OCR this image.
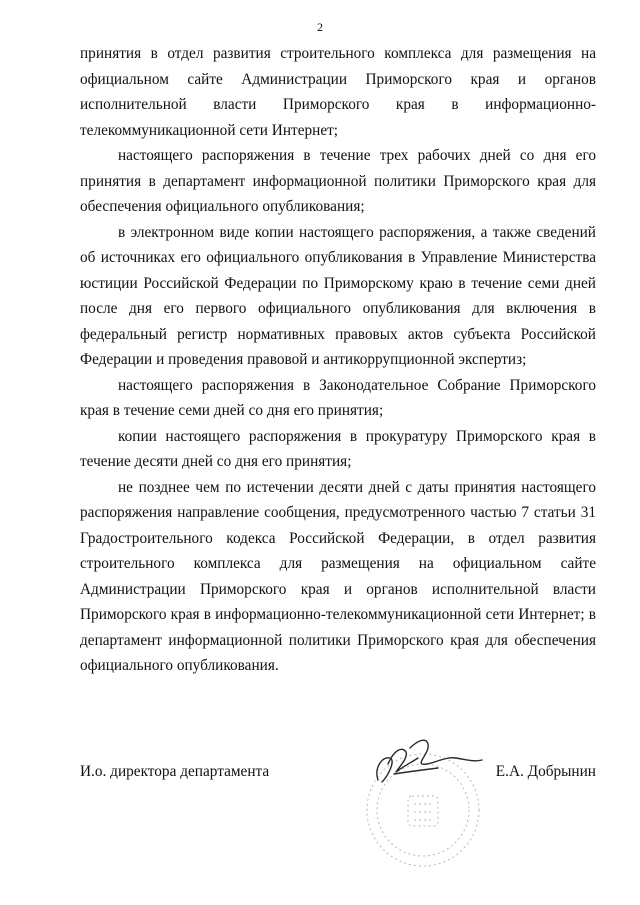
2

принятия в отдел развития строительного комплекса для размещения на официальном сайте Администрации Приморского края и органов исполнительной власти Приморского края в информационно-телекоммуникационной сети Интернет;

настоящего распоряжения в течение трех рабочих дней со дня его принятия в департамент информационной политики Приморского края для обеспечения официального опубликования;

в электронном виде копии настоящего распоряжения, а также сведений об источниках его официального опубликования в Управление Министерства юстиции Российской Федерации по Приморскому краю в течение семи дней после дня его первого официального опубликования для включения в федеральный регистр нормативных правовых актов субъекта Российской Федерации и проведения правовой и антикоррупционной экспертиз;

настоящего распоряжения в Законодательное Собрание Приморского края в течение семи дней со дня его принятия;

копии настоящего распоряжения в прокуратуру Приморского края в течение десяти дней со дня его принятия;

не позднее чем по истечении десяти дней с даты принятия настоящего распоряжения направление сообщения, предусмотренного частью 7 статьи 31 Градостроительного кодекса Российской Федерации, в отдел развития строительного комплекса для размещения на официальном сайте Администрации Приморского края и органов исполнительной власти Приморского края в информационно-телекоммуникационной сети Интернет; в департамент информационной политики Приморского края для обеспечения официального опубликования.

И.о. директора департамента	Е.А. Добрынин
